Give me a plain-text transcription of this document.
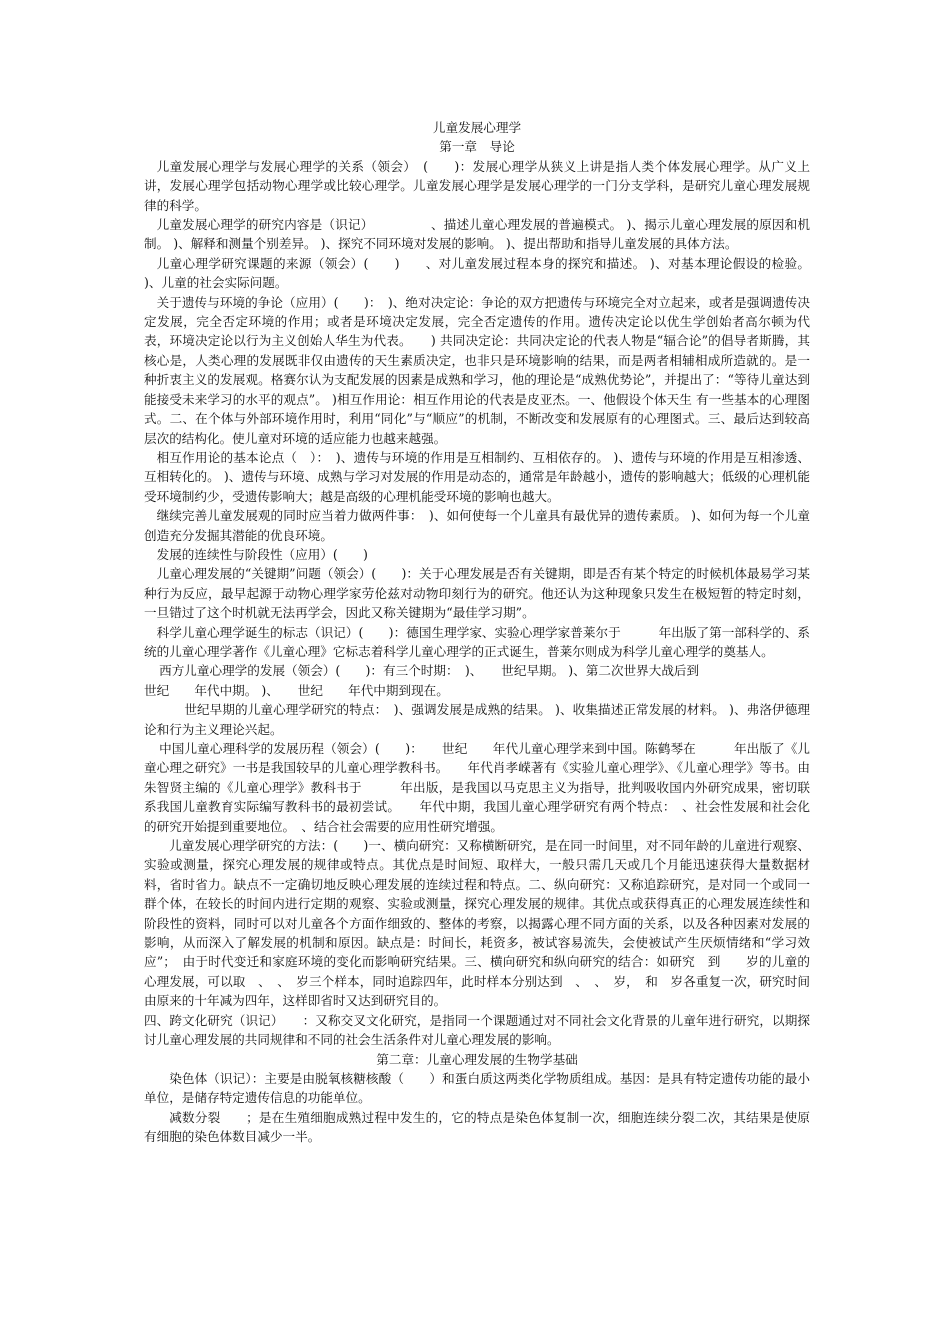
儿童发展心理学

第一章　导论

儿童发展心理学与发展心理学的关系（领会）　(　　)：发展心理学从狭义上讲是指人类个体发展心理学。从广义上讲，发展心理学包括动物心理学或比较心理学。儿童发展心理学是发展心理学的一门分支学科，是研究儿童心理发展规律的科学。

儿童发展心理学的研究内容是（识记）　　　　　、描述儿童心理发展的普遍模式。 )、揭示儿童心理发展的原因和机制。 )、解释和测量个别差异。 )、探究不同环境对发展的影响。 )、提出帮助和指导儿童发展的具体方法。

儿童心理学研究课题的来源（领会）(　　)　　、对儿童发展过程本身的探究和描述。 )、对基本理论假设的检验。 )、儿童的社会实际问题。

关于遗传与环境的争论（应用）(　　)：　)、绝对决定论：争论的双方把遗传与环境完全对立起来，或者是强调遗传决定发展，完全否定环境的作用；或者是环境决定发展，完全否定遗传的作用。遗传决定论以优生学创始者高尔顿为代表，环境决定论以行为主义创始人华生为代表。　　) 共同决定论：共同决定论的代表人物是“辐合论”的倡导者斯腾，其核心是，人类心理的发展既非仅由遗传的天生素质决定，也非只是环境影响的结果，而是两者相辅相成所造就的。是一种折衷主义的发展观。格赛尔认为支配发展的因素是成熟和学习，他的理论是“成熟优势论”，并提出了：“等待儿童达到能接受未来学习的水平的观点”。 )相互作用论：相互作用论的代表是皮亚杰。一、他假设个体天生 有一些基本的心理图式。二、在个体与外部环境作用时，利用“同化”与“顺应”的机制，不断改变和发展原有的心理图式。三、最后达到较高层次的结构化。使儿童对环境的适应能力也越来越强。

相互作用论的基本论点（　）：　)、遗传与环境的作用是互相制约、互相依存的。 )、遗传与环境的作用是互相渗透、互相转化的。 )、遗传与环境、成熟与学习对发展的作用是动态的，通常是年龄越小，遗传的影响越大；低级的心理机能受环境制约少，受遗传影响大；越是高级的心理机能受环境的影响也越大。

继续完善儿童发展观的同时应当着力做两件事：　)、如何使每一个儿童具有最优异的遗传素质。 )、如何为每一个儿童创造充分发掘其潜能的优良环境。

发展的连续性与阶段性（应用）(　　)

儿童心理发展的“关键期”问题（领会）(　　)：关于心理发展是否有关键期，即是否有某个特定的时候机体最易学习某种行为反应，最早起源于动物心理学家劳伦兹对动物印刻行为的研究。他还认为这种现象只发生在极短暂的特定时刻，一旦错过了这个时机就无法再学会，因此又称关键期为“最佳学习期”。

科学儿童心理学诞生的标志（识记）(　　)：德国生理学家、实验心理学家普莱尔于　　　年出版了第一部科学的、系统的儿童心理学著作《儿童心理》它标志着科学儿童心理学的正式诞生，普莱尔则成为科学儿童心理学的奠基人。

西方儿童心理学的发展（领会）(　　)：有三个时期：　)、　　世纪早期。 )、第二次世界大战后到

世纪　　年代中期。 )、　　世纪　　年代中期到现在。

世纪早期的儿童心理学研究的特点：　)、强调发展是成熟的结果。 )、收集描述正常发展的材料。 )、弗洛伊德理论和行为主义理论兴起。

中国儿童心理科学的发展历程（领会）(　　)：　　世纪　　年代儿童心理学来到中国。陈鹤琴在　　　年出版了《儿童心理之研究》一书是我国较早的儿童心理学教科书。　　年代肖孝嵘著有《实验儿童心理学》、《儿童心理学》等书。由朱智贤主编的《儿童心理学》教科书于　　　年出版，是我国以马克思主义为指导，批判吸收国内外研究成果，密切联系我国儿童教育实际编写教科书的最初尝试。　　年代中期，我国儿童心理学研究有两个特点：　、社会性发展和社会化的研究开始提到重要地位。　、结合社会需要的应用性研究增强。

儿童发展心理学研究的方法：(　　)一、横向研究：又称横断研究，是在同一时间里，对不同年龄的儿童进行观察、实验或测量，探究心理发展的规律或特点。其优点是时间短、取样大，一般只需几天或几个月能迅速获得大量数据材料，省时省力。缺点不一定确切地反映心理发展的连续过程和特点。二、纵向研究：又称追踪研究，是对同一个或同一群个体，在较长的时间内进行定期的观察、实验或测量，探究心理发展的规律。其优点或获得真正的心理发展连续性和阶段性的资料，同时可以对儿童各个方面作细致的、整体的考察，以揭露心理不同方面的关系，以及各种因素对发展的影响，从而深入了解发展的机制和原因。缺点是：时间长，耗资多，被试容易流失，会使被试产生厌烦情绪和“学习效应”；　由于时代变迁和家庭环境的变化而影响研究结果。三、横向研究和纵向研究的结合：如研究　到　　岁的儿童的心理发展，可以取　、　、　岁三个样本，同时追踪四年，此时样本分别达到　、　、　岁，　和　岁各重复一次，研究时间由原来的十年减为四年，这样即省时又达到研究目的。

四、跨文化研究（识记）　　：又称交叉文化研究，是指同一个课题通过对不同社会文化背景的儿童年进行研究，以期探讨儿童心理发展的共同规律和不同的社会生活条件对儿童心理发展的影响。

第二章：儿童心理发展的生物学基础

染色体（识记）：主要是由脱氧核糖核酸（　　）和蛋白质这两类化学物质组成。基因：是具有特定遗传功能的最小单位，是储存特定遗传信息的功能单位。

减数分裂　　；是在生殖细胞成熟过程中发生的，它的特点是染色体复制一次，细胞连续分裂二次，其结果是使原有细胞的染色体数目减少一半。
